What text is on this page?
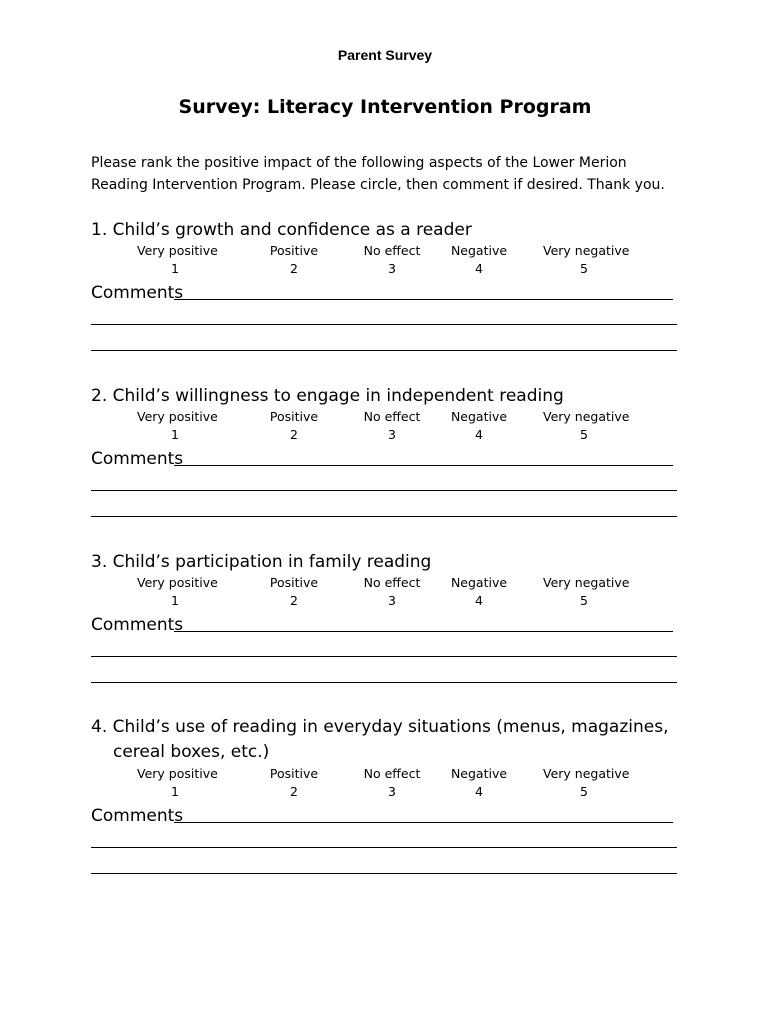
Parent Survey
Survey: Literacy Intervention Program
Please rank the positive impact of the following aspects of the Lower Merion
Reading Intervention Program. Please circle, then comment if desired. Thank you.
1. Child’s growth and confidence as a reader
Very positive
1
Positive
2
No effect
3
Negative
4
Very negative
5
Comments
2. Child’s willingness to engage in independent reading
Very positive
1
Positive
2
No effect
3
Negative
4
Very negative
5
Comments
3. Child’s participation in family reading
Very positive
1
Positive
2
No effect
3
Negative
4
Very negative
5
Comments
4. Child’s use of reading in everyday situations (menus, magazines,
cereal boxes, etc.)
Very positive
1
Positive
2
No effect
3
Negative
4
Very negative
5
Comments
